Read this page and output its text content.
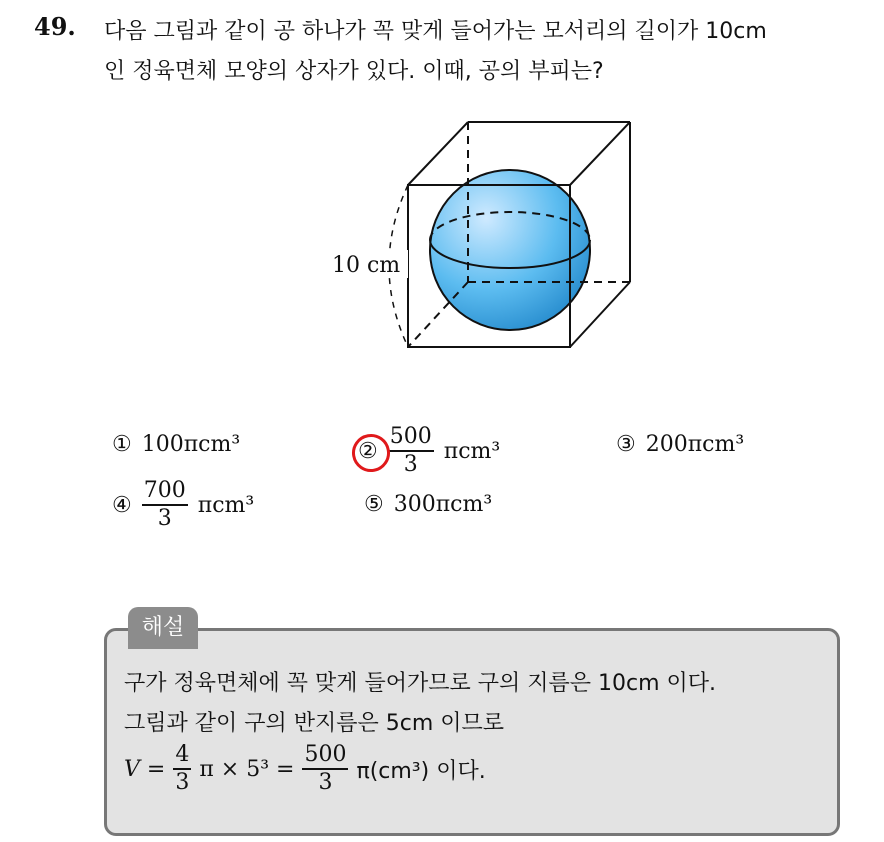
49. 다음 그림과 같이 공 하나가 꼭 맞게 들어가는 모서리의 길이가 10cm
인 정육면체 모양의 상자가 있다. 이때, 공의 부피는?
10 cm
① 100πcm³	② $\frac{500}{3} \pi cm^3$	③ 200πcm³
④ $\frac{700}{3} \pi cm^3$	⑤ 300πcm³
해설
구가 정육면체에 꼭 맞게 들어가므로 구의 지름은 10cm 이다.
그림과 같이 구의 반지름은 5cm 이므로
$V = \frac{4}{3}$ $\pi \times 5^3 = \frac{500}{3} \pi(cm^3)$ 이다.
